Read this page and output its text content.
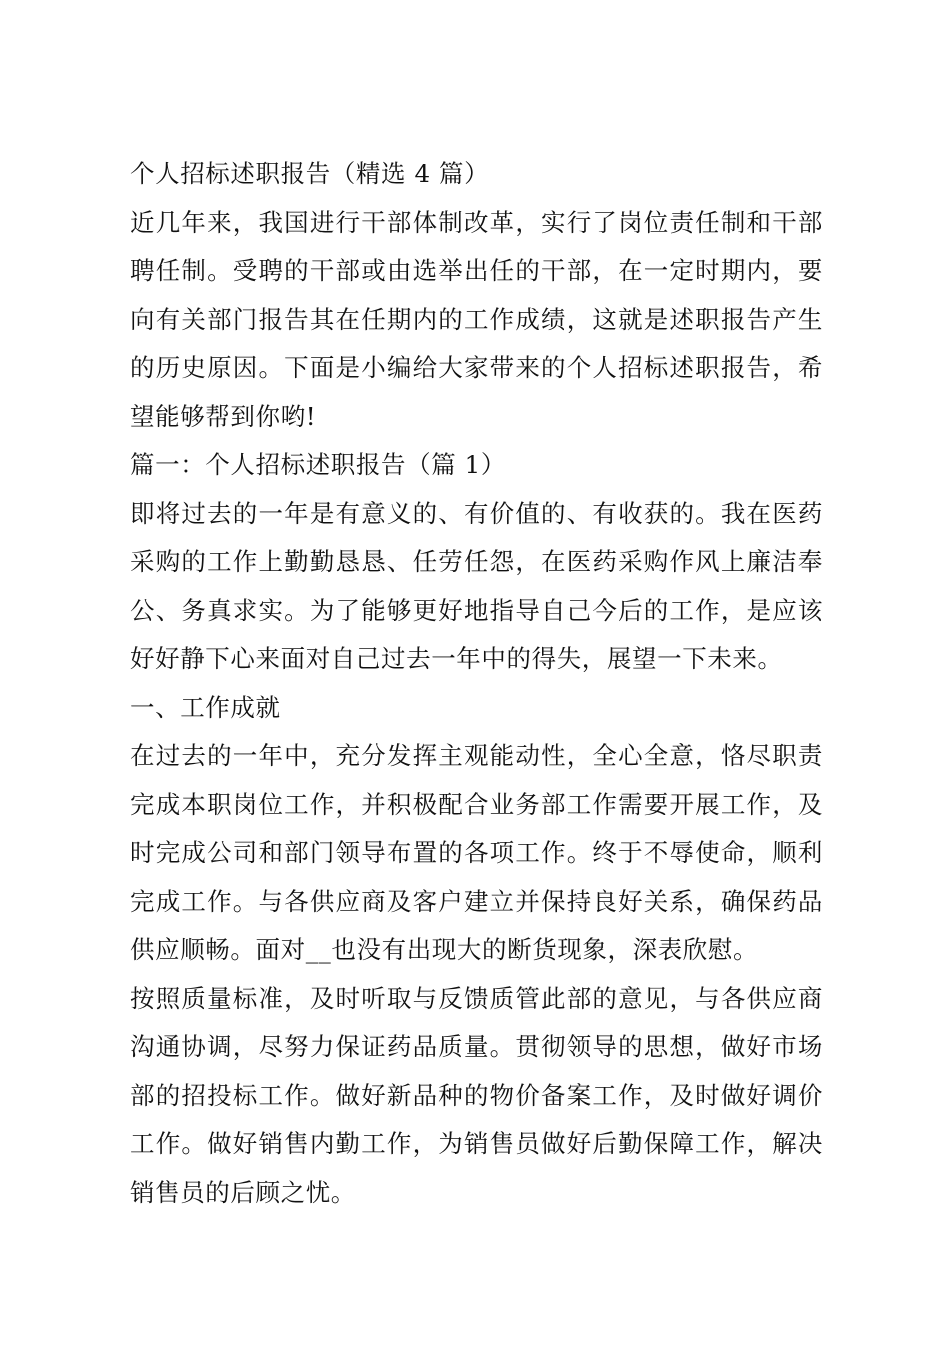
个人招标述职报告（精选 4 篇）
近几年来，我国进行干部体制改革，实行了岗位责任制和干部
聘任制。受聘的干部或由选举出任的干部，在一定时期内，要
向有关部门报告其在任期内的工作成绩，这就是述职报告产生
的历史原因。下面是小编给大家带来的个人招标述职报告，希
望能够帮到你哟!
篇一：个人招标述职报告（篇 1）
即将过去的一年是有意义的、有价值的、有收获的。我在医药
采购的工作上勤勤恳恳、任劳任怨，在医药采购作风上廉洁奉
公、务真求实。为了能够更好地指导自己今后的工作，是应该
好好静下心来面对自己过去一年中的得失，展望一下未来。
一、工作成就
在过去的一年中，充分发挥主观能动性，全心全意，恪尽职责
完成本职岗位工作，并积极配合业务部工作需要开展工作，及
时完成公司和部门领导布置的各项工作。终于不辱使命，顺利
完成工作。与各供应商及客户建立并保持良好关系，确保药品
供应顺畅。面对__也没有出现大的断货现象，深表欣慰。
按照质量标准，及时听取与反馈质管此部的意见，与各供应商
沟通协调，尽努力保证药品质量。贯彻领导的思想，做好市场
部的招投标工作。做好新品种的物价备案工作，及时做好调价
工作。做好销售内勤工作，为销售员做好后勤保障工作，解决
销售员的后顾之忧。
